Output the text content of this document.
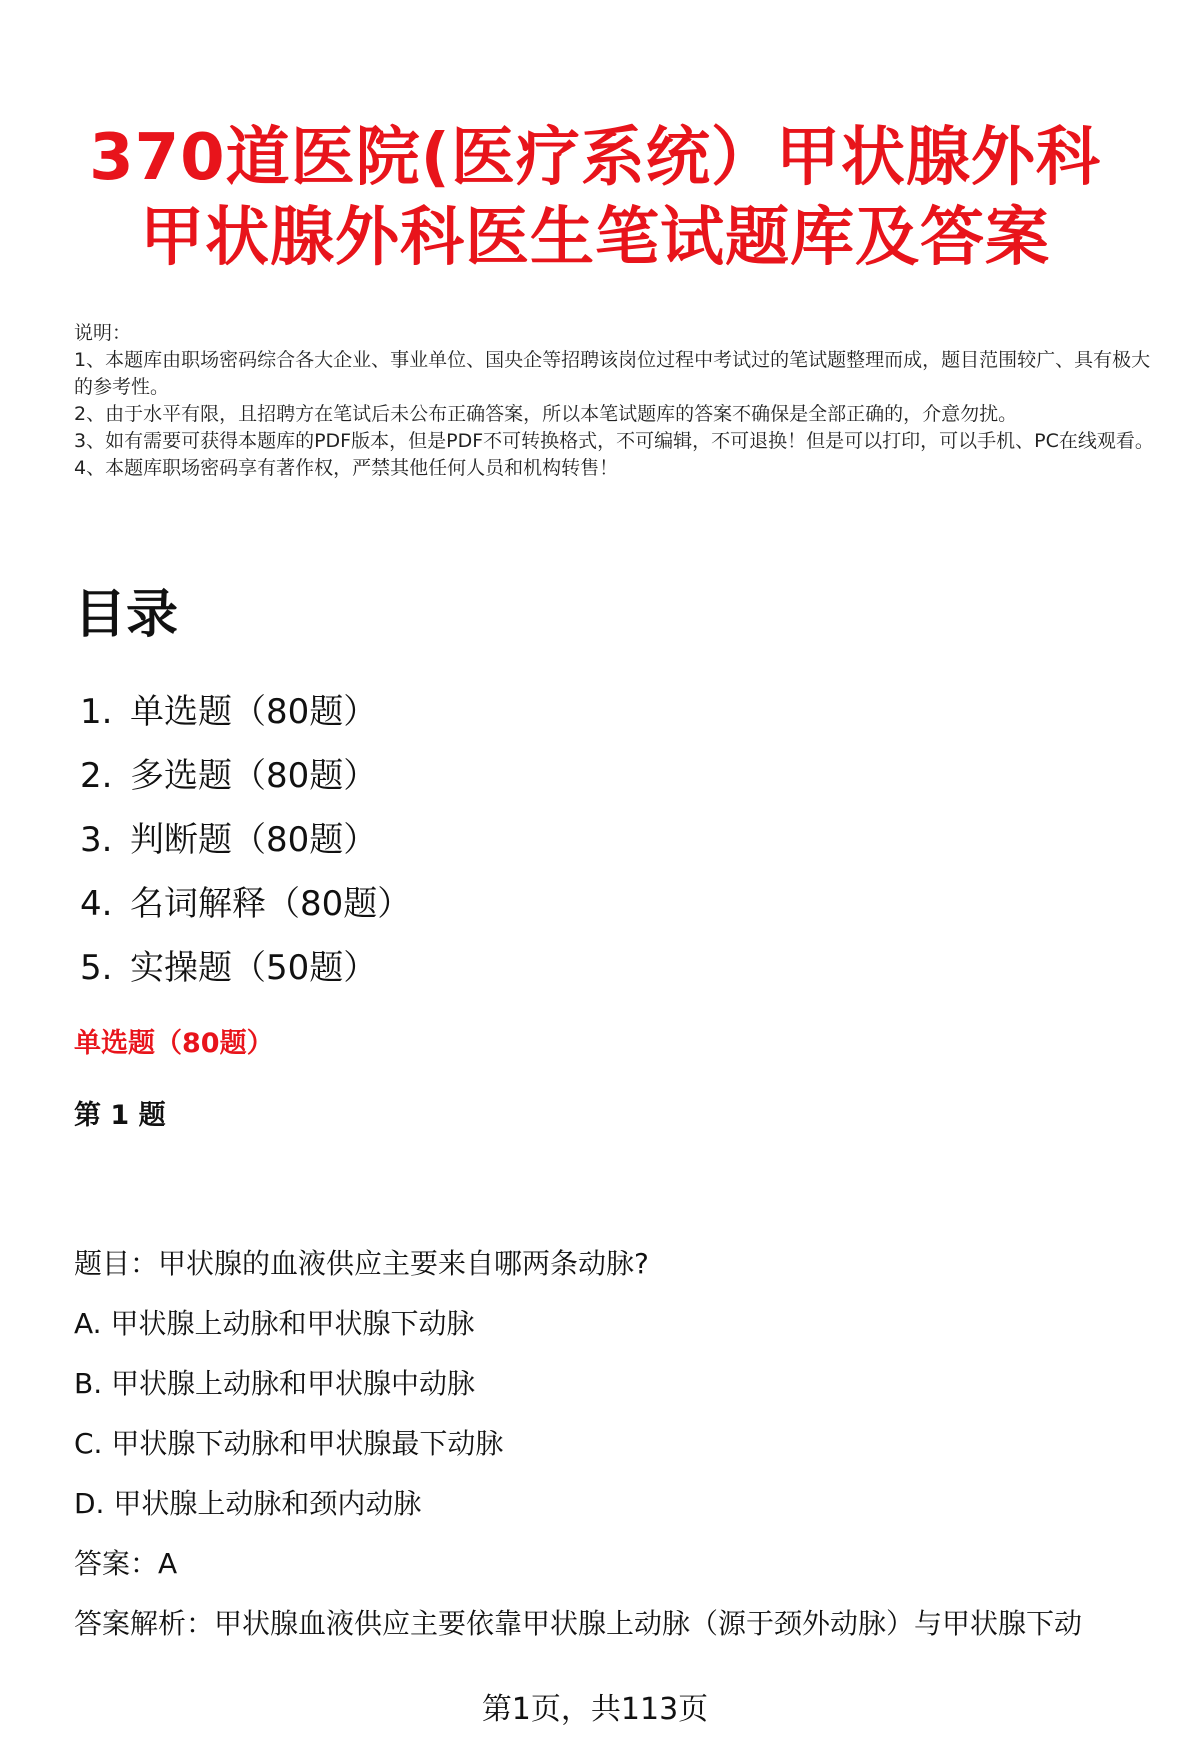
370道医院(医疗系统）甲状腺外科
甲状腺外科医生笔试题库及答案
说明：
1、本题库由职场密码综合各大企业、事业单位、国央企等招聘该岗位过程中考试过的笔试题整理而成，题目范围较广、具有极大的参考性。
2、由于水平有限，且招聘方在笔试后未公布正确答案，所以本笔试题库的答案不确保是全部正确的，介意勿扰。
3、如有需要可获得本题库的PDF版本，但是PDF不可转换格式，不可编辑，不可退换！但是可以打印，可以手机、PC在线观看。
4、本题库职场密码享有著作权，严禁其他任何人员和机构转售！
目录
1. 单选题（80题）
2. 多选题（80题）
3. 判断题（80题）
4. 名词解释（80题）
5. 实操题（50题）
单选题（80题）
第 1 题
题目：甲状腺的血液供应主要来自哪两条动脉?
A. 甲状腺上动脉和甲状腺下动脉
B. 甲状腺上动脉和甲状腺中动脉
C. 甲状腺下动脉和甲状腺最下动脉
D. 甲状腺上动脉和颈内动脉
答案：A
答案解析：甲状腺血液供应主要依靠甲状腺上动脉（源于颈外动脉）与甲状腺下动
第1页，共113页
